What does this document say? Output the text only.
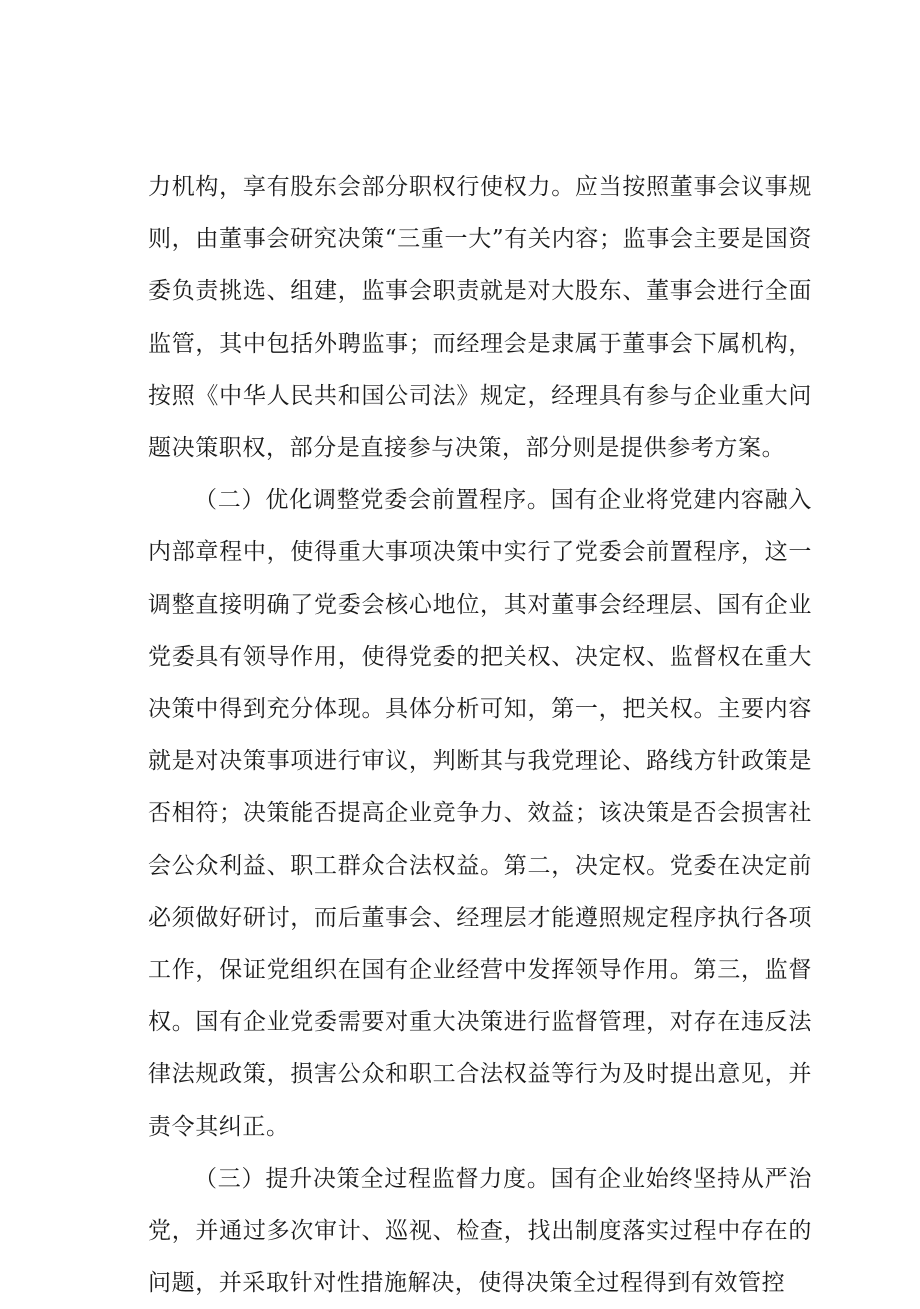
力机构，享有股东会部分职权行使权力。应当按照董事会议事规则，由董事会研究决策“三重一大”有关内容；监事会主要是国资委负责挑选、组建，监事会职责就是对大股东、董事会进行全面监管，其中包括外聘监事；而经理会是隶属于董事会下属机构，按照《中华人民共和国公司法》规定，经理具有参与企业重大问题决策职权，部分是直接参与决策，部分则是提供参考方案。

（二）优化调整党委会前置程序。国有企业将党建内容融入内部章程中，使得重大事项决策中实行了党委会前置程序，这一调整直接明确了党委会核心地位，其对董事会经理层、国有企业党委具有领导作用，使得党委的把关权、决定权、监督权在重大决策中得到充分体现。具体分析可知，第一，把关权。主要内容就是对决策事项进行审议，判断其与我党理论、路线方针政策是否相符；决策能否提高企业竞争力、效益；该决策是否会损害社会公众利益、职工群众合法权益。第二，决定权。党委在决定前必须做好研讨，而后董事会、经理层才能遵照规定程序执行各项工作，保证党组织在国有企业经营中发挥领导作用。第三，监督权。国有企业党委需要对重大决策进行监督管理，对存在违反法律法规政策，损害公众和职工合法权益等行为及时提出意见，并责令其纠正。

（三）提升决策全过程监督力度。国有企业始终坚持从严治党，并通过多次审计、巡视、检查，找出制度落实过程中存在的问题，并采取针对性措施解决，使得决策全过程得到有效管控
